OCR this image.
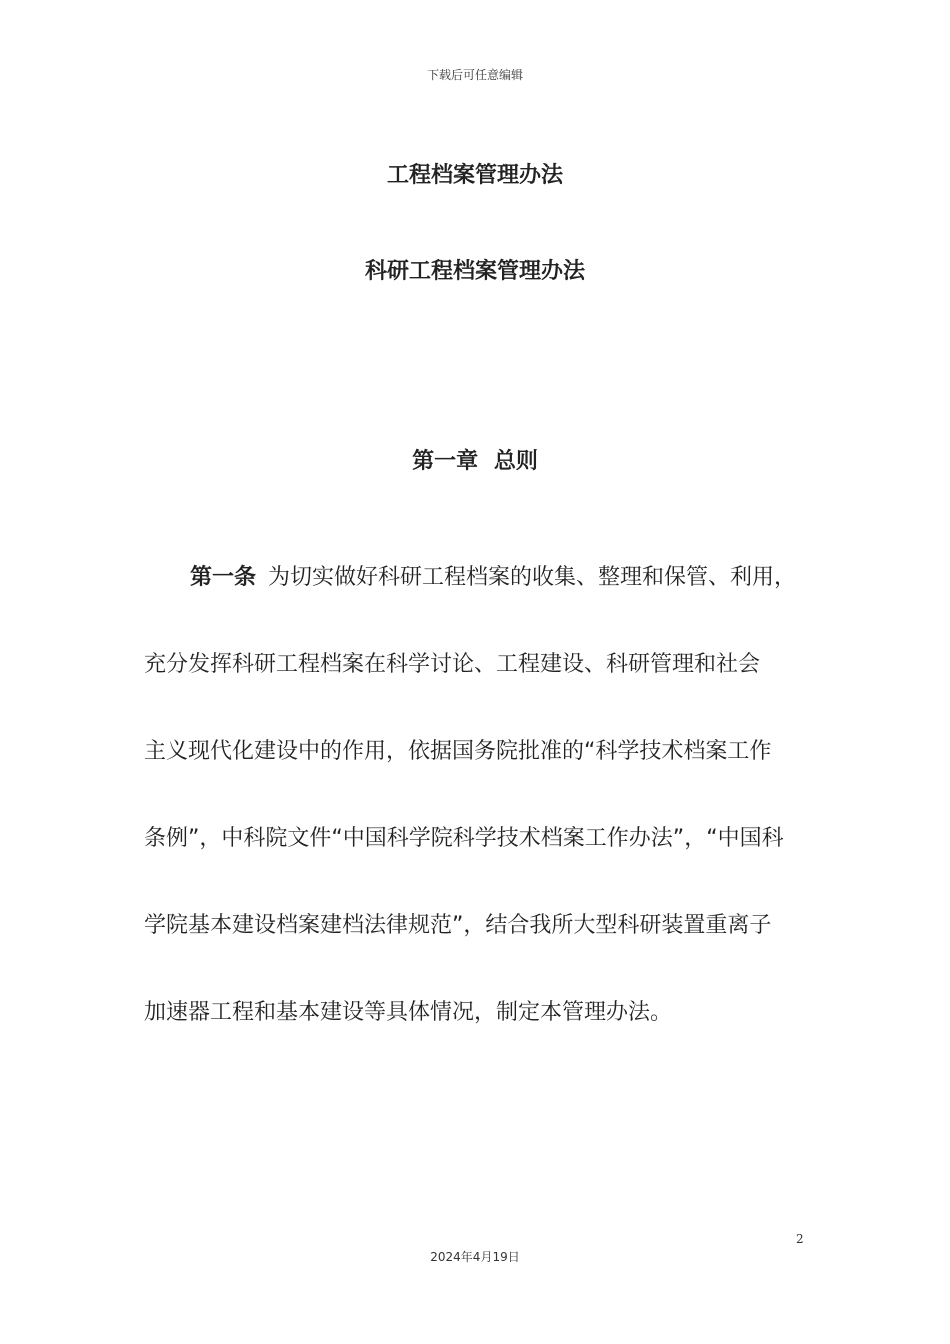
下载后可任意编辑
工程档案管理办法
科研工程档案管理办法
第一章 总则
第一条 为切实做好科研工程档案的收集、整理和保管、利用，
充分发挥科研工程档案在科学讨论、工程建设、科研管理和社会
主义现代化建设中的作用，依据国务院批准的“科学技术档案工作
条例”，中科院文件“中国科学院科学技术档案工作办法”，“中国科
学院基本建设档案建档法律规范”，结合我所大型科研装置重离子
加速器工程和基本建设等具体情况，制定本管理办法。
2
2024年4月19日
